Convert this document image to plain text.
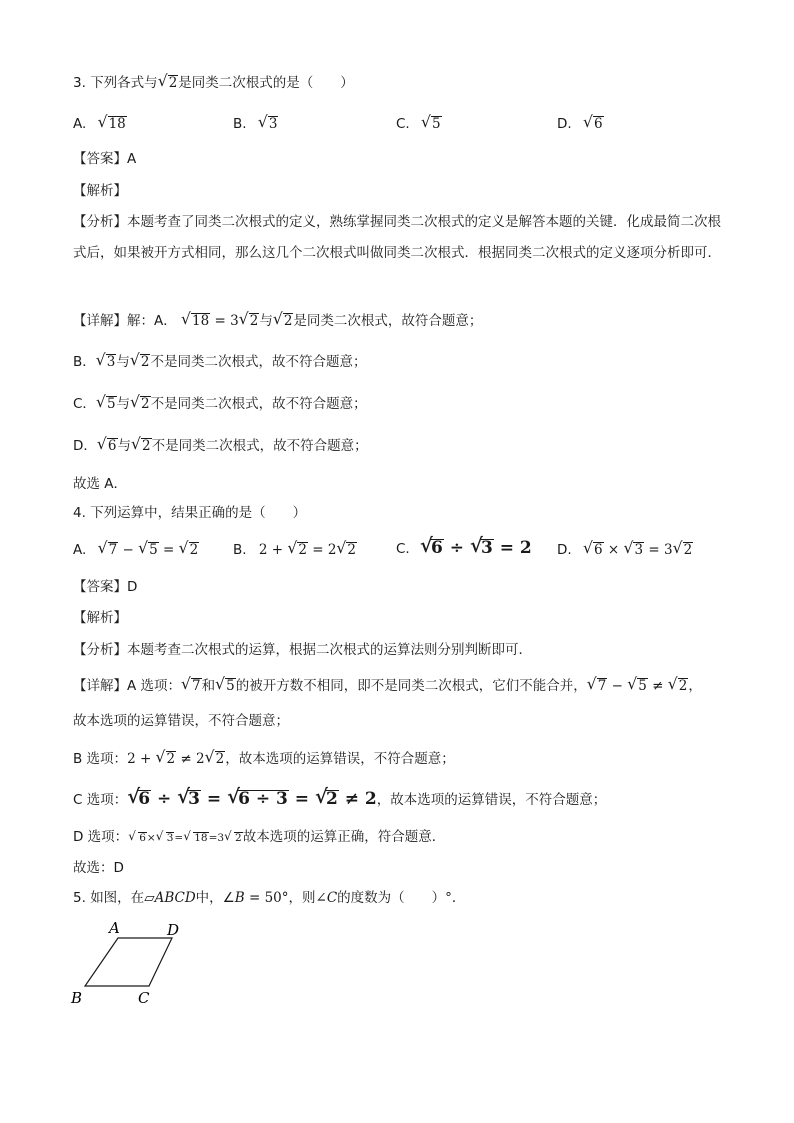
3. 下列各式与 √ 2是同类二次根式的是（　　）
A. √ 18	B. √ 3	C. √ 5	D. √ 6
【答案】A
【解析】
【分析】本题考查了同类二次根式的定义，熟练掌握同类二次根式的定义是解答本题的关键．化成最简二次根式后，如果被开方式相同，那么这几个二次根式叫做同类二次根式．根据同类二次根式的定义逐项分析即可．
【详解】解：A． √ 18 = 3 √ 2与 √ 2是同类二次根式，故符合题意；
B． √ 3与 √ 2不是同类二次根式，故不符合题意；
C． √ 5与 √ 2不是同类二次根式，故不符合题意；
D． √ 6与 √ 2不是同类二次根式，故不符合题意；
故选 A．
4. 下列运算中，结果正确的是（　　）
A. √ 7 − √ 5 = √ 2	B. 2 + √ 2 = 2 √ 2	C. √ 6 ÷ √ 3 = 2 D. √ 6 × √ 3 = 3 √ 2
【答案】D
【解析】
【分析】本题考查二次根式的运算，根据二次根式的运算法则分别判断即可．
【详解】A 选项： √ 7和 √ 5的被开方数不相同，即不是同类二次根式，它们不能合并， √ 7 − √ 5 ≠ √ 2，
故本选项的运算错误，不符合题意；
B 选项：2 + √ 2 ≠ 2 √ 2，故本选项的运算错误，不符合题意；
C 选项： √ 6 ÷ √ 3 = √ 6 ÷ 3 = √ 2 ≠ 2，故本选项的运算错误，不符合题意；
D 选项： √ 6× √ 3= √ 18=3 √ 2故本选项的运算正确，符合题意．
故选：D
5. 如图，在▱ABCD中，∠B = 50°，则∠C的度数为（　　）°．
A	D
B	C
